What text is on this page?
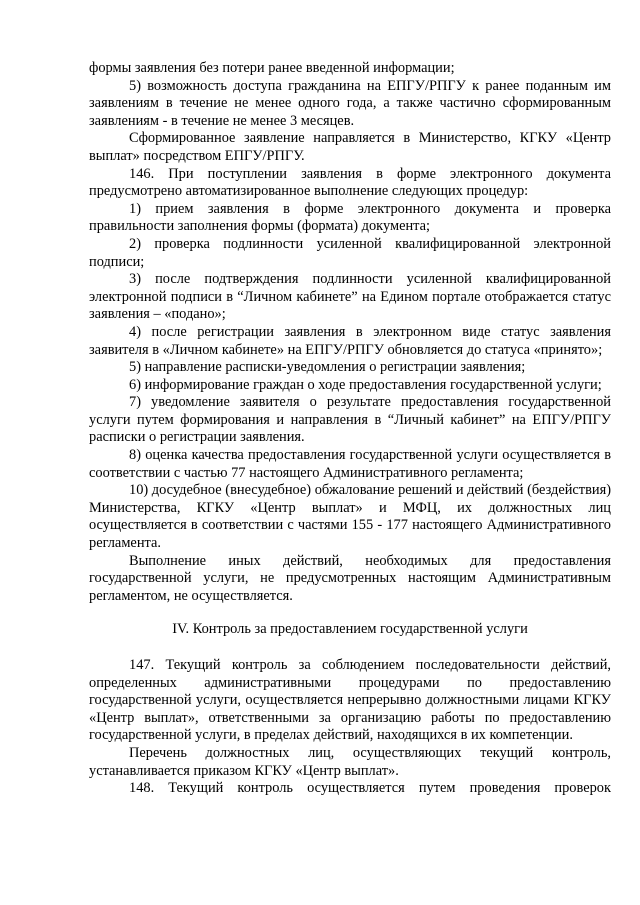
формы заявления без потери ранее введенной информации;

5) возможность доступа гражданина на ЕПГУ/РПГУ к ранее поданным им заявлениям в течение не менее одного года, а также частично сформированным заявлениям - в течение не менее 3 месяцев.

Сформированное заявление направляется в Министерство, КГКУ «Центр выплат» посредством ЕПГУ/РПГУ.

146. При поступлении заявления в форме электронного документа предусмотрено автоматизированное выполнение следующих процедур:

1) прием заявления в форме электронного документа и проверка правильности заполнения формы (формата) документа;

2) проверка подлинности усиленной квалифицированной электронной подписи;

3) после подтверждения подлинности усиленной квалифицированной электронной подписи в “Личном кабинете” на Едином портале отображается статус заявления – «подано»;

4) после регистрации заявления в электронном виде статус заявления заявителя в «Личном кабинете» на ЕПГУ/РПГУ обновляется до статуса «принято»;

5) направление расписки-уведомления о регистрации заявления;

6) информирование граждан о ходе предоставления государственной услуги;

7) уведомление заявителя о результате предоставления государственной услуги путем формирования и направления в “Личный кабинет” на ЕПГУ/РПГУ расписки о регистрации заявления.

8) оценка качества предоставления государственной услуги осуществляется в соответствии с частью 77 настоящего Административного регламента;

10) досудебное (внесудебное) обжалование решений и действий (бездействия) Министерства, КГКУ «Центр выплат» и МФЦ, их должностных лиц осуществляется в соответствии с частями 155 - 177 настоящего Административного регламента.

Выполнение иных действий, необходимых для предоставления государственной услуги, не предусмотренных настоящим Административным регламентом, не осуществляется.

IV. Контроль за предоставлением государственной услуги

147. Текущий контроль за соблюдением последовательности действий, определенных административными процедурами по предоставлению государственной услуги, осуществляется непрерывно должностными лицами КГКУ «Центр выплат», ответственными за организацию работы по предоставлению государственной услуги, в пределах действий, находящихся в их компетенции.

Перечень должностных лиц, осуществляющих текущий контроль, устанавливается приказом КГКУ «Центр выплат».

148. Текущий контроль осуществляется путем проведения проверок
